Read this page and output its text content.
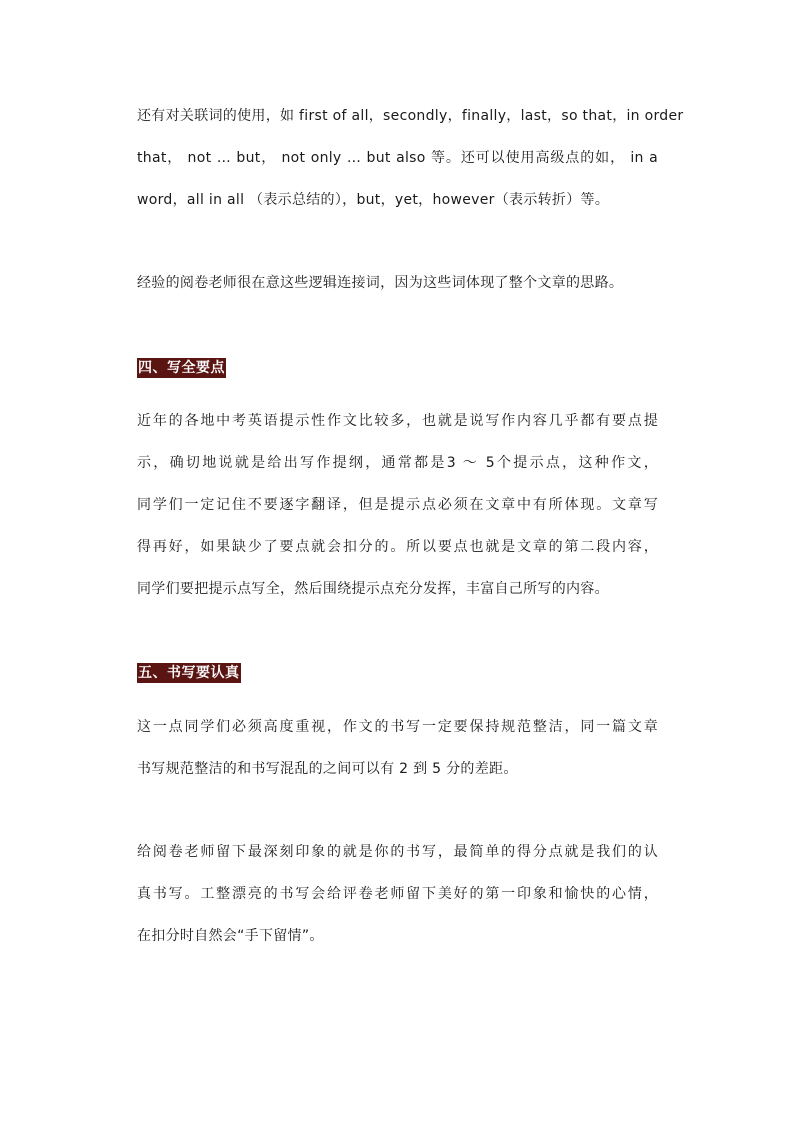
还有对关联词的使用，如 first of all，secondly，finally，last，so that，in order
that， not … but， not only … but also 等。还可以使用高级点的如， in a
word，all in all （表示总结的），but，yet，however（表示转折）等。

经验的阅卷老师很在意这些逻辑连接词，因为这些词体现了整个文章的思路。

四、写全要点

近年的各地中考英语提示性作文比较多，也就是说写作内容几乎都有要点提
示，确切地说就是给出写作提纲，通常都是3 ～ 5个提示点，这种作文，
同学们一定记住不要逐字翻译，但是提示点必须在文章中有所体现。文章写
得再好，如果缺少了要点就会扣分的。所以要点也就是文章的第二段内容，
同学们要把提示点写全，然后围绕提示点充分发挥，丰富自己所写的内容。

五、书写要认真

这一点同学们必须高度重视，作文的书写一定要保持规范整洁，同一篇文章
书写规范整洁的和书写混乱的之间可以有 2 到 5 分的差距。

给阅卷老师留下最深刻印象的就是你的书写，最简单的得分点就是我们的认
真书写。工整漂亮的书写会给评卷老师留下美好的第一印象和愉快的心情，
在扣分时自然会“手下留情”。
